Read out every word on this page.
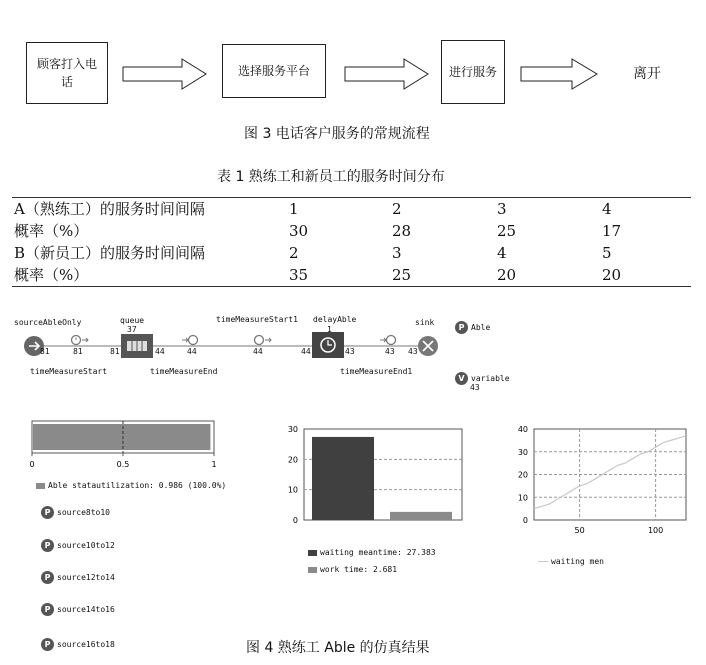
顾客打入电话
选择服务平台	进行服务	离开
图 3 电话客户服务的常规流程
表 1 熟练工和新员工的服务时间分布
A（熟练工）的服务时间间隔	1	2	3	4
概率（%）	30	28	25	17
B（新员工）的服务时间间隔	2	3	4	5
概率（%）	35	25	20	20
sourceAbleOnly	queue
37
timeMeasureStart1 delayAble
1
sink
81	81	81	44	44	44	44	43	43 43
timeMeasureStart	timeMeasureEnd	timeMeasureEnd1
P Able
V variable
43
0	0.5	1
Able statautilization: 0.986 (100.0%)
P source8to10
P source10to12
P source12to14
P source14to16
P source16to18
0
10
20
30
waiting meantime: 27.383
work time: 2.681
0
10
20
30
40
50	100
waiting men
图 4 熟练工 Able 的仿真结果
